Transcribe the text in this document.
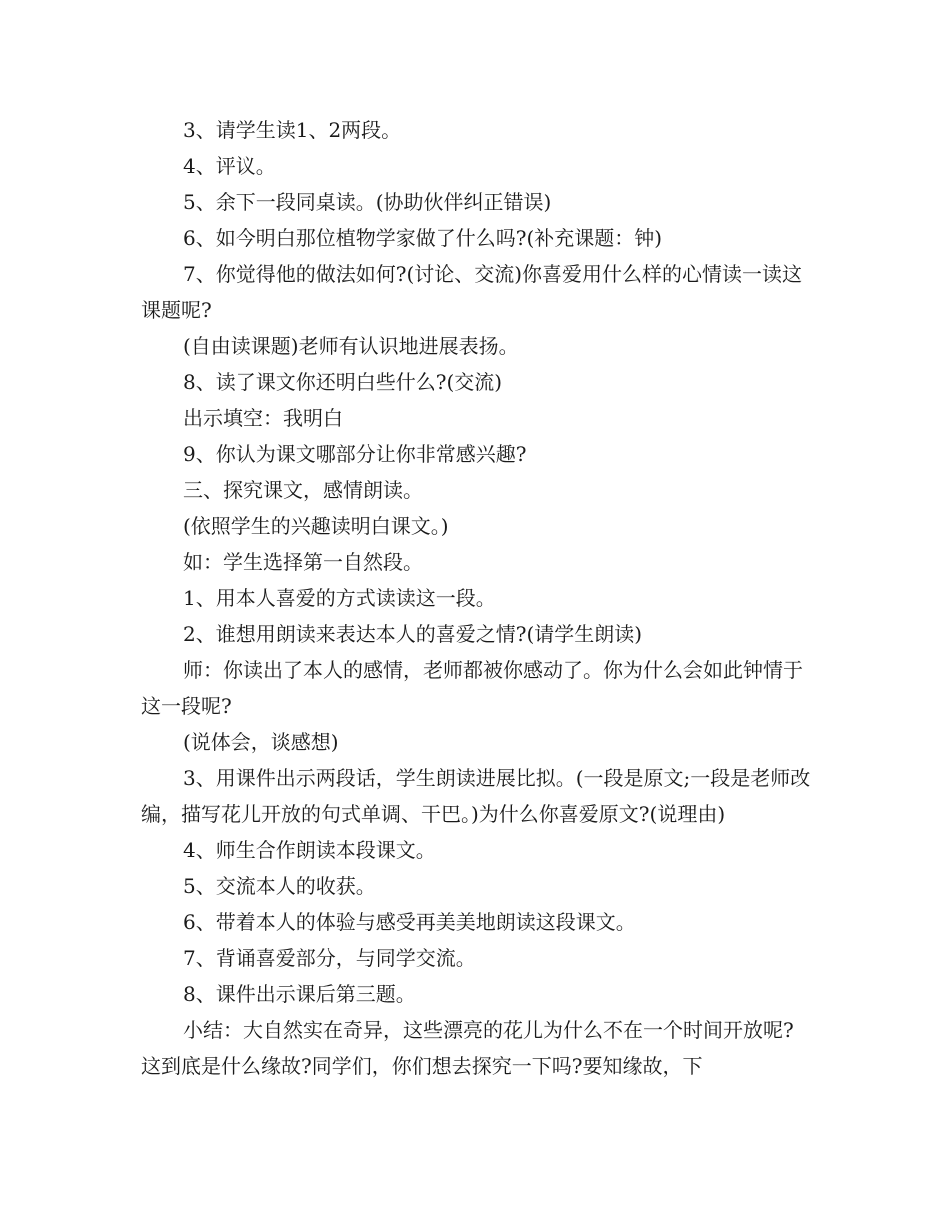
3、请学生读1、2两段。

4、评议。

5、余下一段同桌读。(协助伙伴纠正错误)

6、如今明白那位植物学家做了什么吗?(补充课题：钟)

7、你觉得他的做法如何?(讨论、交流)你喜爱用什么样的心情读一读这课题呢?

(自由读课题)老师有认识地进展表扬。

8、读了课文你还明白些什么?(交流)

出示填空：我明白

9、你认为课文哪部分让你非常感兴趣?

三、探究课文，感情朗读。

(依照学生的兴趣读明白课文。)

如：学生选择第一自然段。

1、用本人喜爱的方式读读这一段。

2、谁想用朗读来表达本人的喜爱之情?(请学生朗读)

师：你读出了本人的感情，老师都被你感动了。你为什么会如此钟情于这一段呢?

(说体会，谈感想)

3、用课件出示两段话，学生朗读进展比拟。(一段是原文;一段是老师改编，描写花儿开放的句式单调、干巴。)为什么你喜爱原文?(说理由)

4、师生合作朗读本段课文。

5、交流本人的收获。

6、带着本人的体验与感受再美美地朗读这段课文。

7、背诵喜爱部分，与同学交流。

8、课件出示课后第三题。

小结：大自然实在奇异，这些漂亮的花儿为什么不在一个时间开放呢?这到底是什么缘故?同学们，你们想去探究一下吗?要知缘故，下
